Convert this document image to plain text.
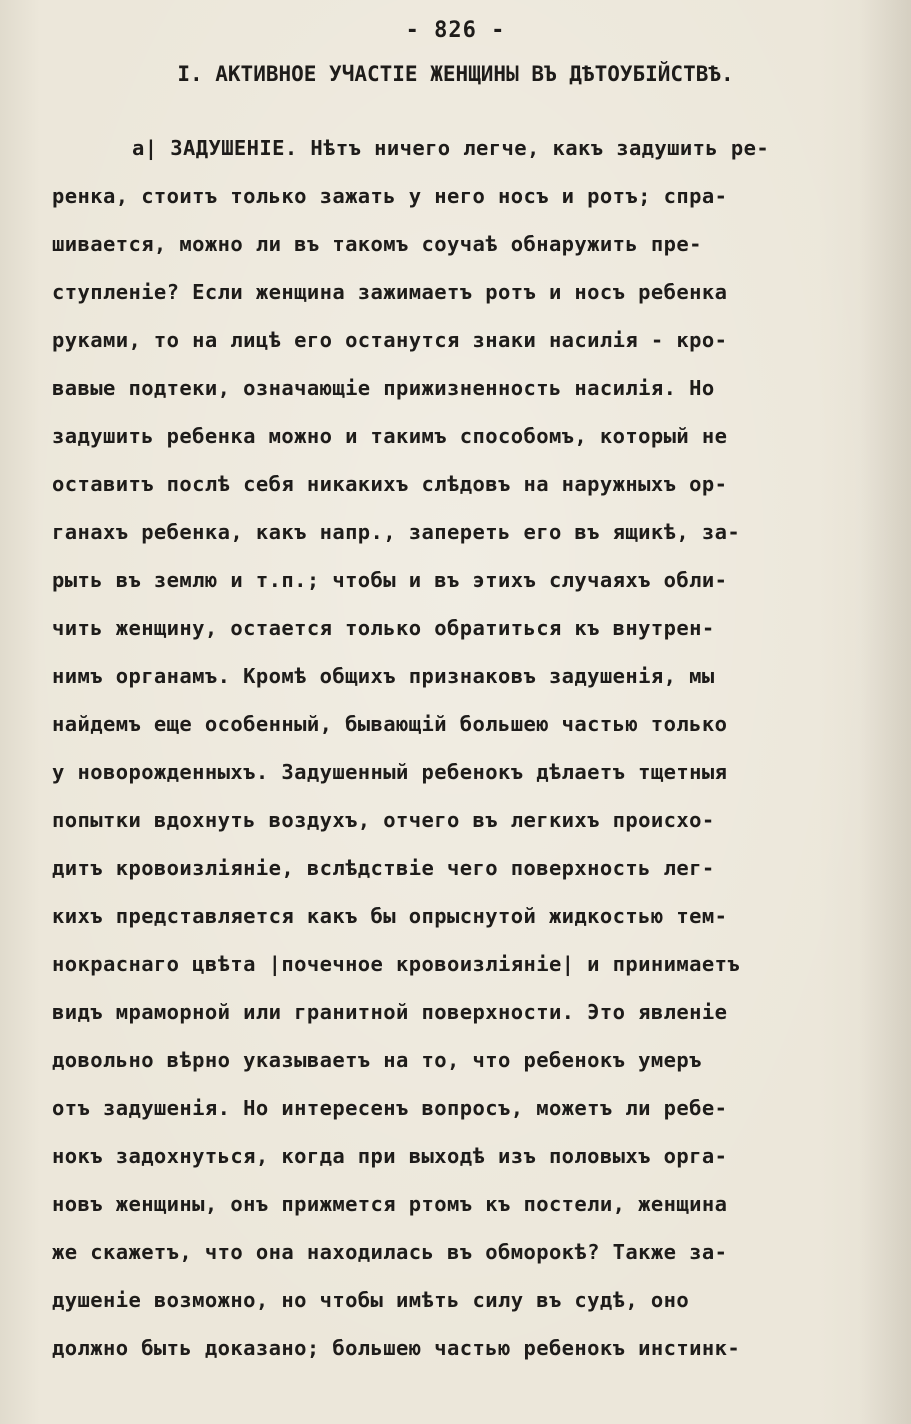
- 826 -
I. АКТИВНОЕ УЧАСТІЕ ЖЕНЩИНЫ ВЪ ДѢТОУБІЙСТВѢ.
а| ЗАДУШЕНІЕ. Нѣтъ ничего легче, какъ задушить ре-
ренка, стоитъ только зажать у него носъ и ротъ; спра-
шивается, можно ли въ такомъ соучаѣ обнаружить пре-
ступленіе? Если женщина зажимаетъ ротъ и носъ ребенка
руками, то на лицѣ его останутся знаки насилія - кро-
вавые подтеки, означающіе прижизненность насилія. Но
задушить ребенка можно и такимъ способомъ, который не
оставитъ послѣ себя никакихъ слѣдовъ на наружныхъ ор-
ганахъ ребенка, какъ напр., запереть его въ ящикѣ, за-
рыть въ землю и т.п.; чтобы и въ этихъ случаяхъ обли-
чить женщину, остается только обратиться къ внутрен-
нимъ органамъ. Кромѣ общихъ признаковъ задушенія, мы
найдемъ еще особенный, бывающій большею частью только
у новорожденныхъ. Задушенный ребенокъ дѣлаетъ тщетныя
попытки вдохнуть воздухъ, отчего въ легкихъ происхо-
дитъ кровоизліяніе, вслѣдствіе чего поверхность лег-
кихъ представляется какъ бы опрыснутой жидкостью тем-
нокраснаго цвѣта |почечное кровоизліяніе| и принимаетъ
видъ мраморной или гранитной поверхности. Это явленіе
довольно вѣрно указываетъ на то, что ребенокъ умеръ
отъ задушенія. Но интересенъ вопросъ, можетъ ли ребе-
нокъ задохнуться, когда при выходѣ изъ половыхъ орга-
новъ женщины, онъ прижмется ртомъ къ постели, женщина
же скажетъ, что она находилась въ обморокѣ? Также за-
душеніе возможно, но чтобы имѣть силу въ судѣ, оно
должно быть доказано; большею частью ребенокъ инстинк-
